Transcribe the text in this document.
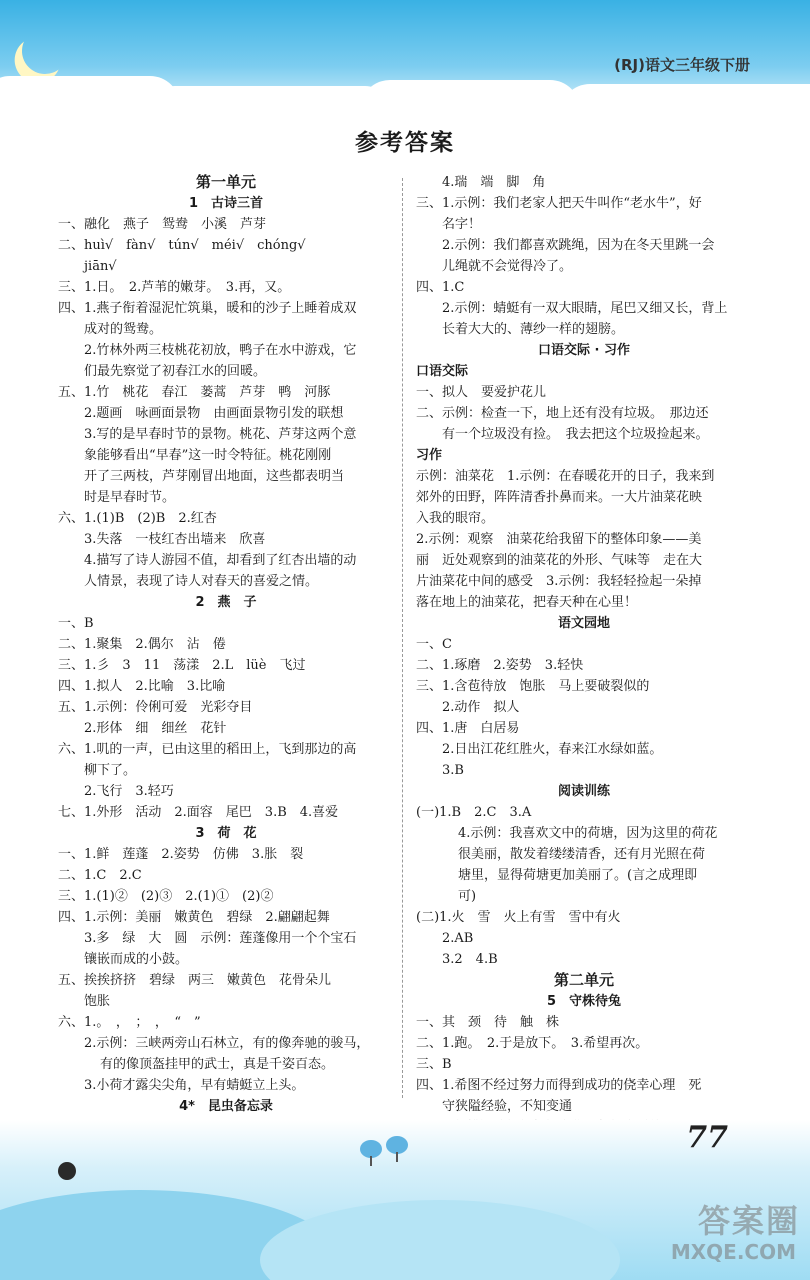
(RJ)语文三年级下册
参考答案
第一单元
1　古诗三首
一、融化　燕子　鸳鸯　小溪　芦芽
二、huì√　fàn√　tún√　méi√　chóng√
jiān√
三、1.日。　2.芦苇的嫩芽。　3.再，又。
四、1.燕子衔着湿泥忙筑巢，暖和的沙子上睡着成双
成对的鸳鸯。
2.竹林外两三枝桃花初放，鸭子在水中游戏，它
们最先察觉了初春江水的回暖。
五、1.竹　桃花　春江　蒌蒿　芦芽　鸭　河豚
2.题画　咏画面景物　由画面景物引发的联想
3.写的是早春时节的景物。桃花、芦芽这两个意
象能够看出“早春”这一时令特征。桃花刚刚
开了三两枝，芦芽刚冒出地面，这些都表明当
时是早春时节。
六、1.(1)B　(2)B　2.红杏
3.失落　一枝红杏出墙来　欣喜
4.描写了诗人游园不值，却看到了红杏出墙的动
人情景，表现了诗人对春天的喜爱之情。
2　燕　子
一、B
二、1.聚集　2.偶尔　沾　倦
三、1.彡　3　11　荡漾　2.L　lüè　飞过
四、1.拟人　2.比喻　3.比喻
五、1.示例：伶俐可爱　光彩夺目
2.形体　细　细丝　花针
六、1.叽的一声，已由这里的稻田上，飞到那边的高
柳下了。
2.飞行　3.轻巧
七、1.外形　活动　2.面容　尾巴　3.B　4.喜爱
3　荷　花
一、1.鲜　莲蓬　2.姿势　仿佛　3.胀　裂
二、1.C　2.C
三、1.(1)②　(2)③　2.(1)①　(2)②
四、1.示例：美丽　嫩黄色　碧绿　2.翩翩起舞
3.多　绿　大　圆　示例：莲蓬像用一个个宝石
镶嵌而成的小鼓。
五、挨挨挤挤　碧绿　两三　嫩黄色　花骨朵儿
饱胀
六、1.。　，　；　，　“　”
2.示例：三峡两旁山石林立，有的像奔驰的骏马，
有的像顶盔挂甲的武士，真是千姿百态。
3.小荷才露尖尖角，早有蜻蜓立上头。
4*　昆虫备忘录
4.瑞　端　脚　角
三、1.示例：我们老家人把天牛叫作“老水牛”，好
名字！
2.示例：我们都喜欢跳绳，因为在冬天里跳一会
儿绳就不会觉得冷了。
四、1.C
2.示例：蜻蜓有一双大眼睛，尾巴又细又长，背上
长着大大的、薄纱一样的翅膀。
口语交际 · 习作
口语交际
一、拟人　要爱护花儿
二、示例：检查一下，地上还有没有垃圾。　那边还
有一个垃圾没有捡。　我去把这个垃圾捡起来。
习作
示例：油菜花　1.示例：在春暖花开的日子，我来到
郊外的田野，阵阵清香扑鼻而来。一大片油菜花映
入我的眼帘。
2.示例：观察　油菜花给我留下的整体印象——美
丽　近处观察到的油菜花的外形、气味等　走在大
片油菜花中间的感受　3.示例：我轻轻捡起一朵掉
落在地上的油菜花，把春天种在心里！
语文园地
一、C
二、1.琢磨　2.姿势　3.轻快
三、1.含苞待放　饱胀　马上要破裂似的
2.动作　拟人
四、1.唐　白居易
2.日出江花红胜火，春来江水绿如蓝。
3.B
阅读训练
(一)1.B　2.C　3.A
4.示例：我喜欢文中的荷塘，因为这里的荷花
很美丽，散发着缕缕清香，还有月光照在荷
塘里，显得荷塘更加美丽了。(言之成理即
可)
(二)1.火　雪　火上有雪　雪中有火
2.AB
3.2　4.B
第二单元
5　守株待兔
一、其　颈　待　触　株
二、1.跑。　2.于是放下。　3.希望再次。
三、B
四、1.希图不经过努力而得到成功的侥幸心理　死
守狭隘经验，不知变通
77
答案圈
MXQE.COM
